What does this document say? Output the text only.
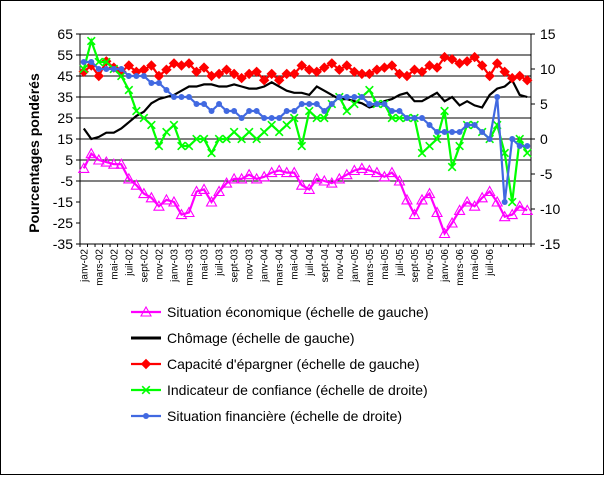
65
55
45
35
25
15
5
-5
-15
-25
-35
15
10
5
0
-5
-10
-15
janv-02 mars-02 mai-02 juil-02 sept-02 nov-02 janv-03 mars-03 mai-03 juil-03 sept-03 nov-03 janv-04 mars-04 mai-04 juil-04 sept-04 nov-04 janv-05 mars-05 mai-05 juil-05 sept-05 nov-05 janv-06 mars-06 mai-06 juil-06
Pourcentages pondérés
Situation économique (échelle de gauche)
Chômage (échelle de gauche)
Capacité d'épargner (échelle de gauche)
Indicateur de confiance (échelle de droite)
Situation financière (échelle de droite)
